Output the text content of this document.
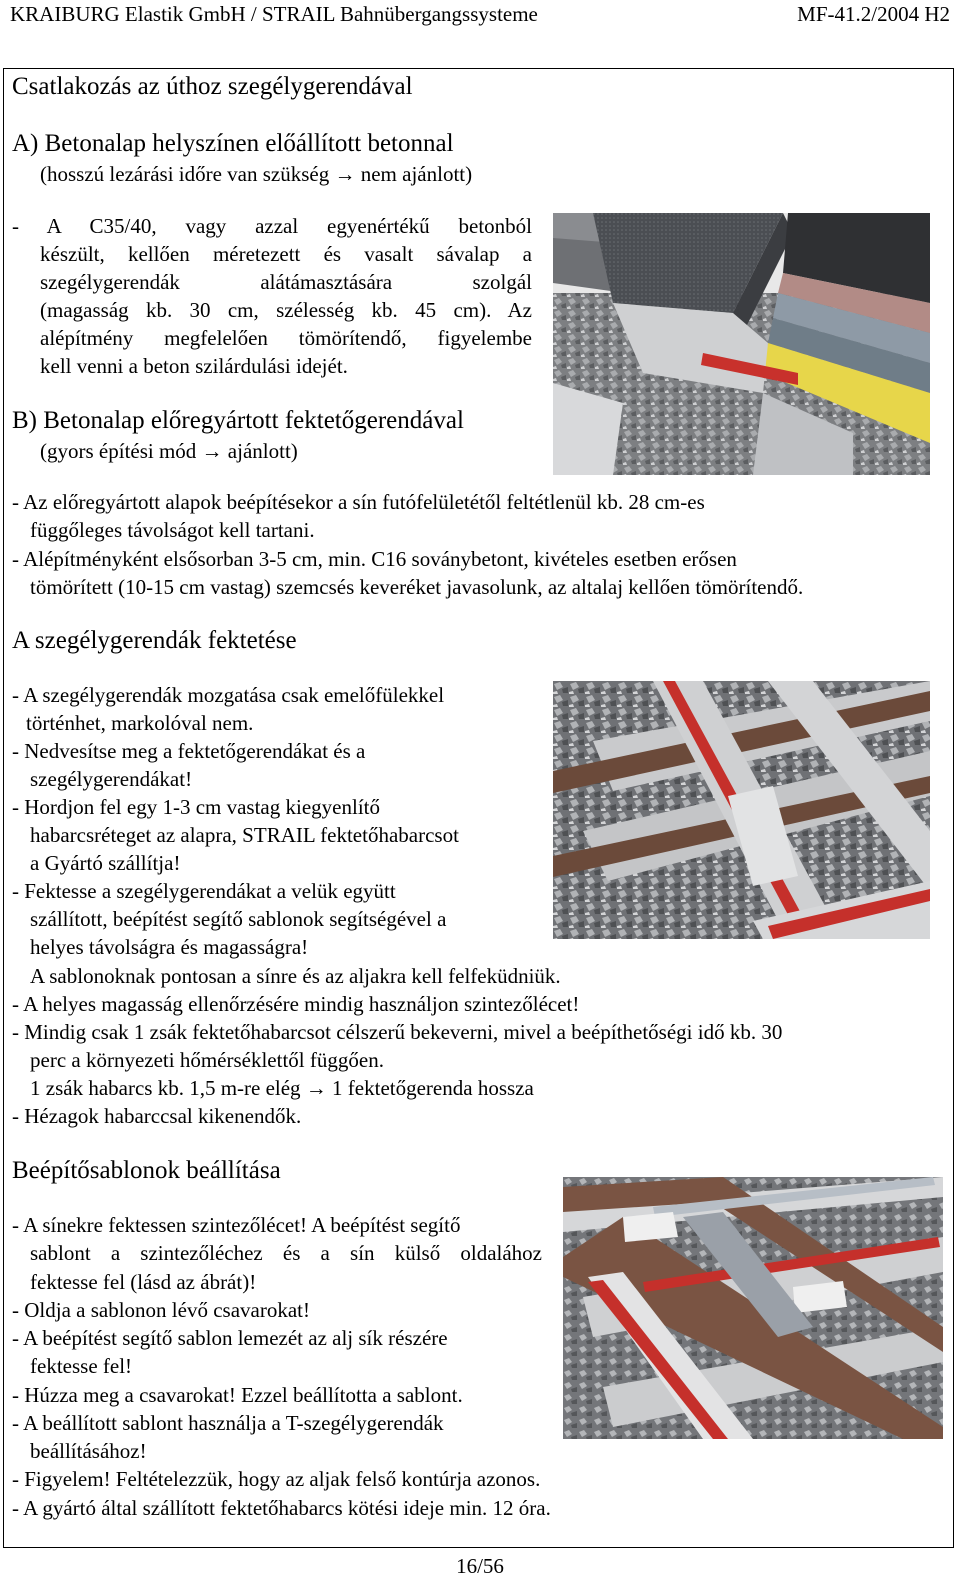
KRAIBURG Elastik GmbH / STRAIL Bahnübergangssysteme	MF-41.2/2004 H2
Csatlakozás az úthoz szegélygerendával
A) Betonalap helyszínen előállított betonnal
(hosszú lezárási időre van szükség → nem ajánlott)
- A C35/40, vagy azzal egyenértékű betonból
készült, kellően méretezett és vasalt sávalap a
szegélygerendák alátámasztására szolgál
(magasság kb. 30 cm, szélesség kb. 45 cm). Az
alépítmény megfelelően tömörítendő, figyelembe
kell venni a beton szilárdulási idejét.
B) Betonalap előregyártott fektetőgerendával
(gyors építési mód → ajánlott)
- Az előregyártott alapok beépítésekor a sín futófelületétől feltétlenül kb. 28 cm-es
függőleges távolságot kell tartani.
- Alépítményként elsősorban 3-5 cm, min. C16 soványbetont, kivételes esetben erősen
tömörített (10-15 cm vastag) szemcsés keveréket javasolunk, az altalaj kellően tömörítendő.
A szegélygerendák fektetése
- A szegélygerendák mozgatása csak emelőfülekkel
történhet, markolóval nem.
- Nedvesítse meg a fektetőgerendákat és a
szegélygerendákat!
- Hordjon fel egy 1-3 cm vastag kiegyenlítő
habarcsréteget az alapra, STRAIL fektetőhabarcsot
a Gyártó szállítja!
- Fektesse a szegélygerendákat a velük együtt
szállított, beépítést segítő sablonok segítségével a
helyes távolságra és magasságra!
A sablonoknak pontosan a sínre és az aljakra kell felfeküdniük.
- A helyes magasság ellenőrzésére mindig használjon szintezőlécet!
- Mindig csak 1 zsák fektetőhabarcsot célszerű bekeverni, mivel a beépíthetőségi idő kb. 30
perc a környezeti hőmérséklettől függően.
1 zsák habarcs kb. 1,5 m-re elég → 1 fektetőgerenda hossza
- Hézagok habarccsal kikenendők.
Beépítősablonok beállítása
- A sínekre fektessen szintezőlécet! A beépítést segítő
sablont a szintezőléchez és a sín külső oldalához
fektesse fel (lásd az ábrát)!
- Oldja a sablonon lévő csavarokat!
- A beépítést segítő sablon lemezét az alj sík részére
fektesse fel!
- Húzza meg a csavarokat! Ezzel beállította a sablont.
- A beállított sablont használja a T-szegélygerendák
beállításához!
- Figyelem! Feltételezzük, hogy az aljak felső kontúrja azonos.
- A gyártó által szállított fektetőhabarcs kötési ideje min. 12 óra.
16/56
